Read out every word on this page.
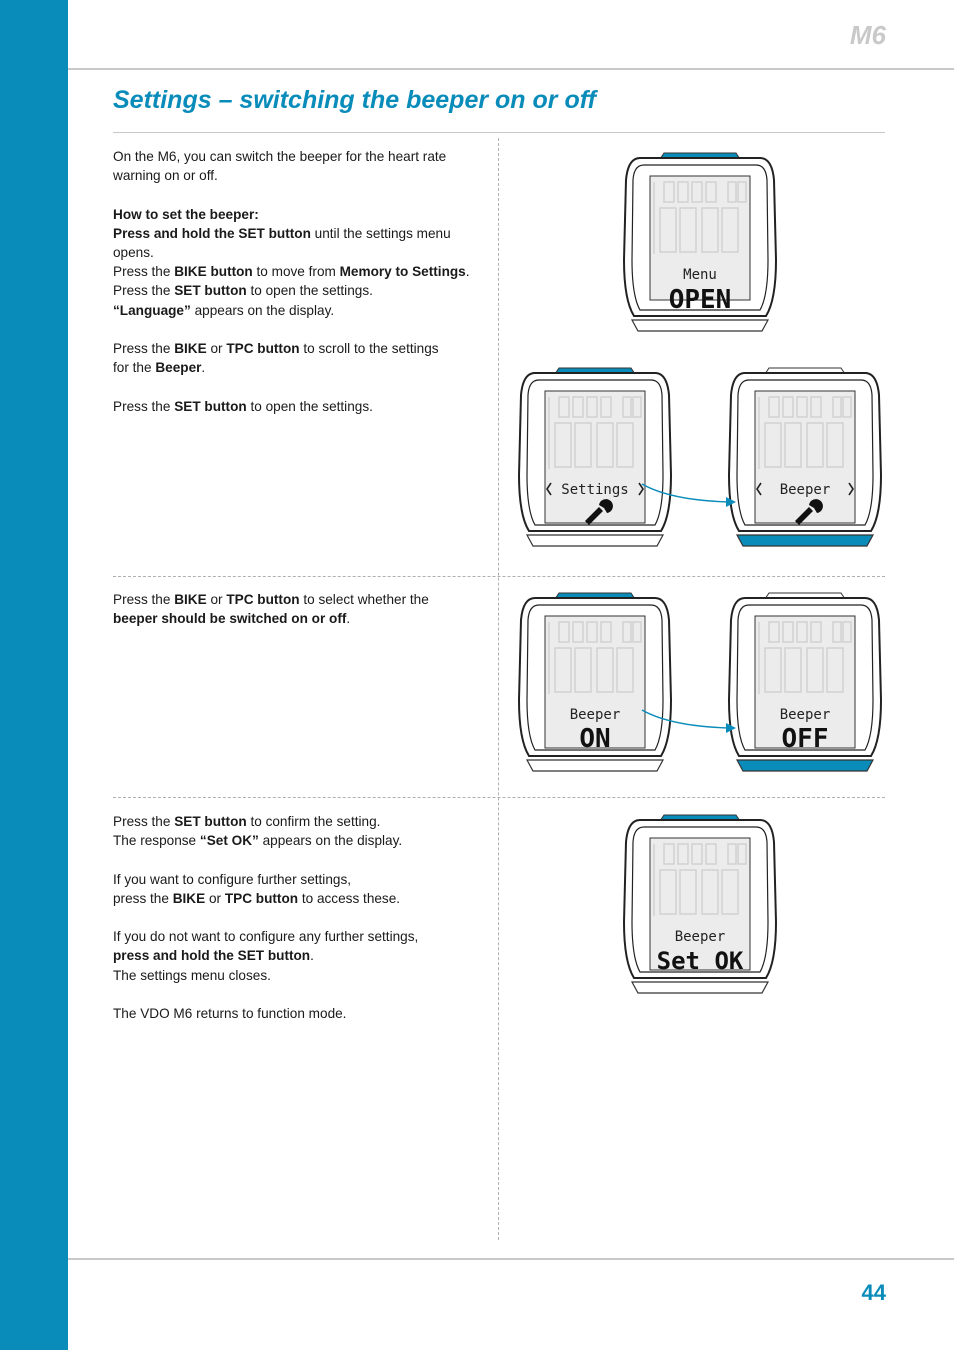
M6
Settings – switching the beeper on or off

On the M6, you can switch the beeper for the heart rate

warning on or off.

How to set the beeper:

Press and hold the SET button until the settings menu

opens.

Press the BIKE button to move from Memory to Settings.

Press the SET button to open the settings.

“Language” appears on the display.

Press the BIKE or TPC button to scroll to the settings

for the Beeper.

Press the SET button to open the settings.

Press the BIKE or TPC button to select whether the

beeper should be switched on or off.

Press the SET button to confirm the setting.

The response “Set OK” appears on the display.

If you want to configure further settings,

press the BIKE or TPC button to access these.

If you do not want to configure any further settings,

press and hold the SET button.

The settings menu closes.

The VDO M6 returns to function mode.

Menu
OPEN
Settings	Beeper
Beeper
ON
Beeper
OFF
Beeper
Set OK
44
